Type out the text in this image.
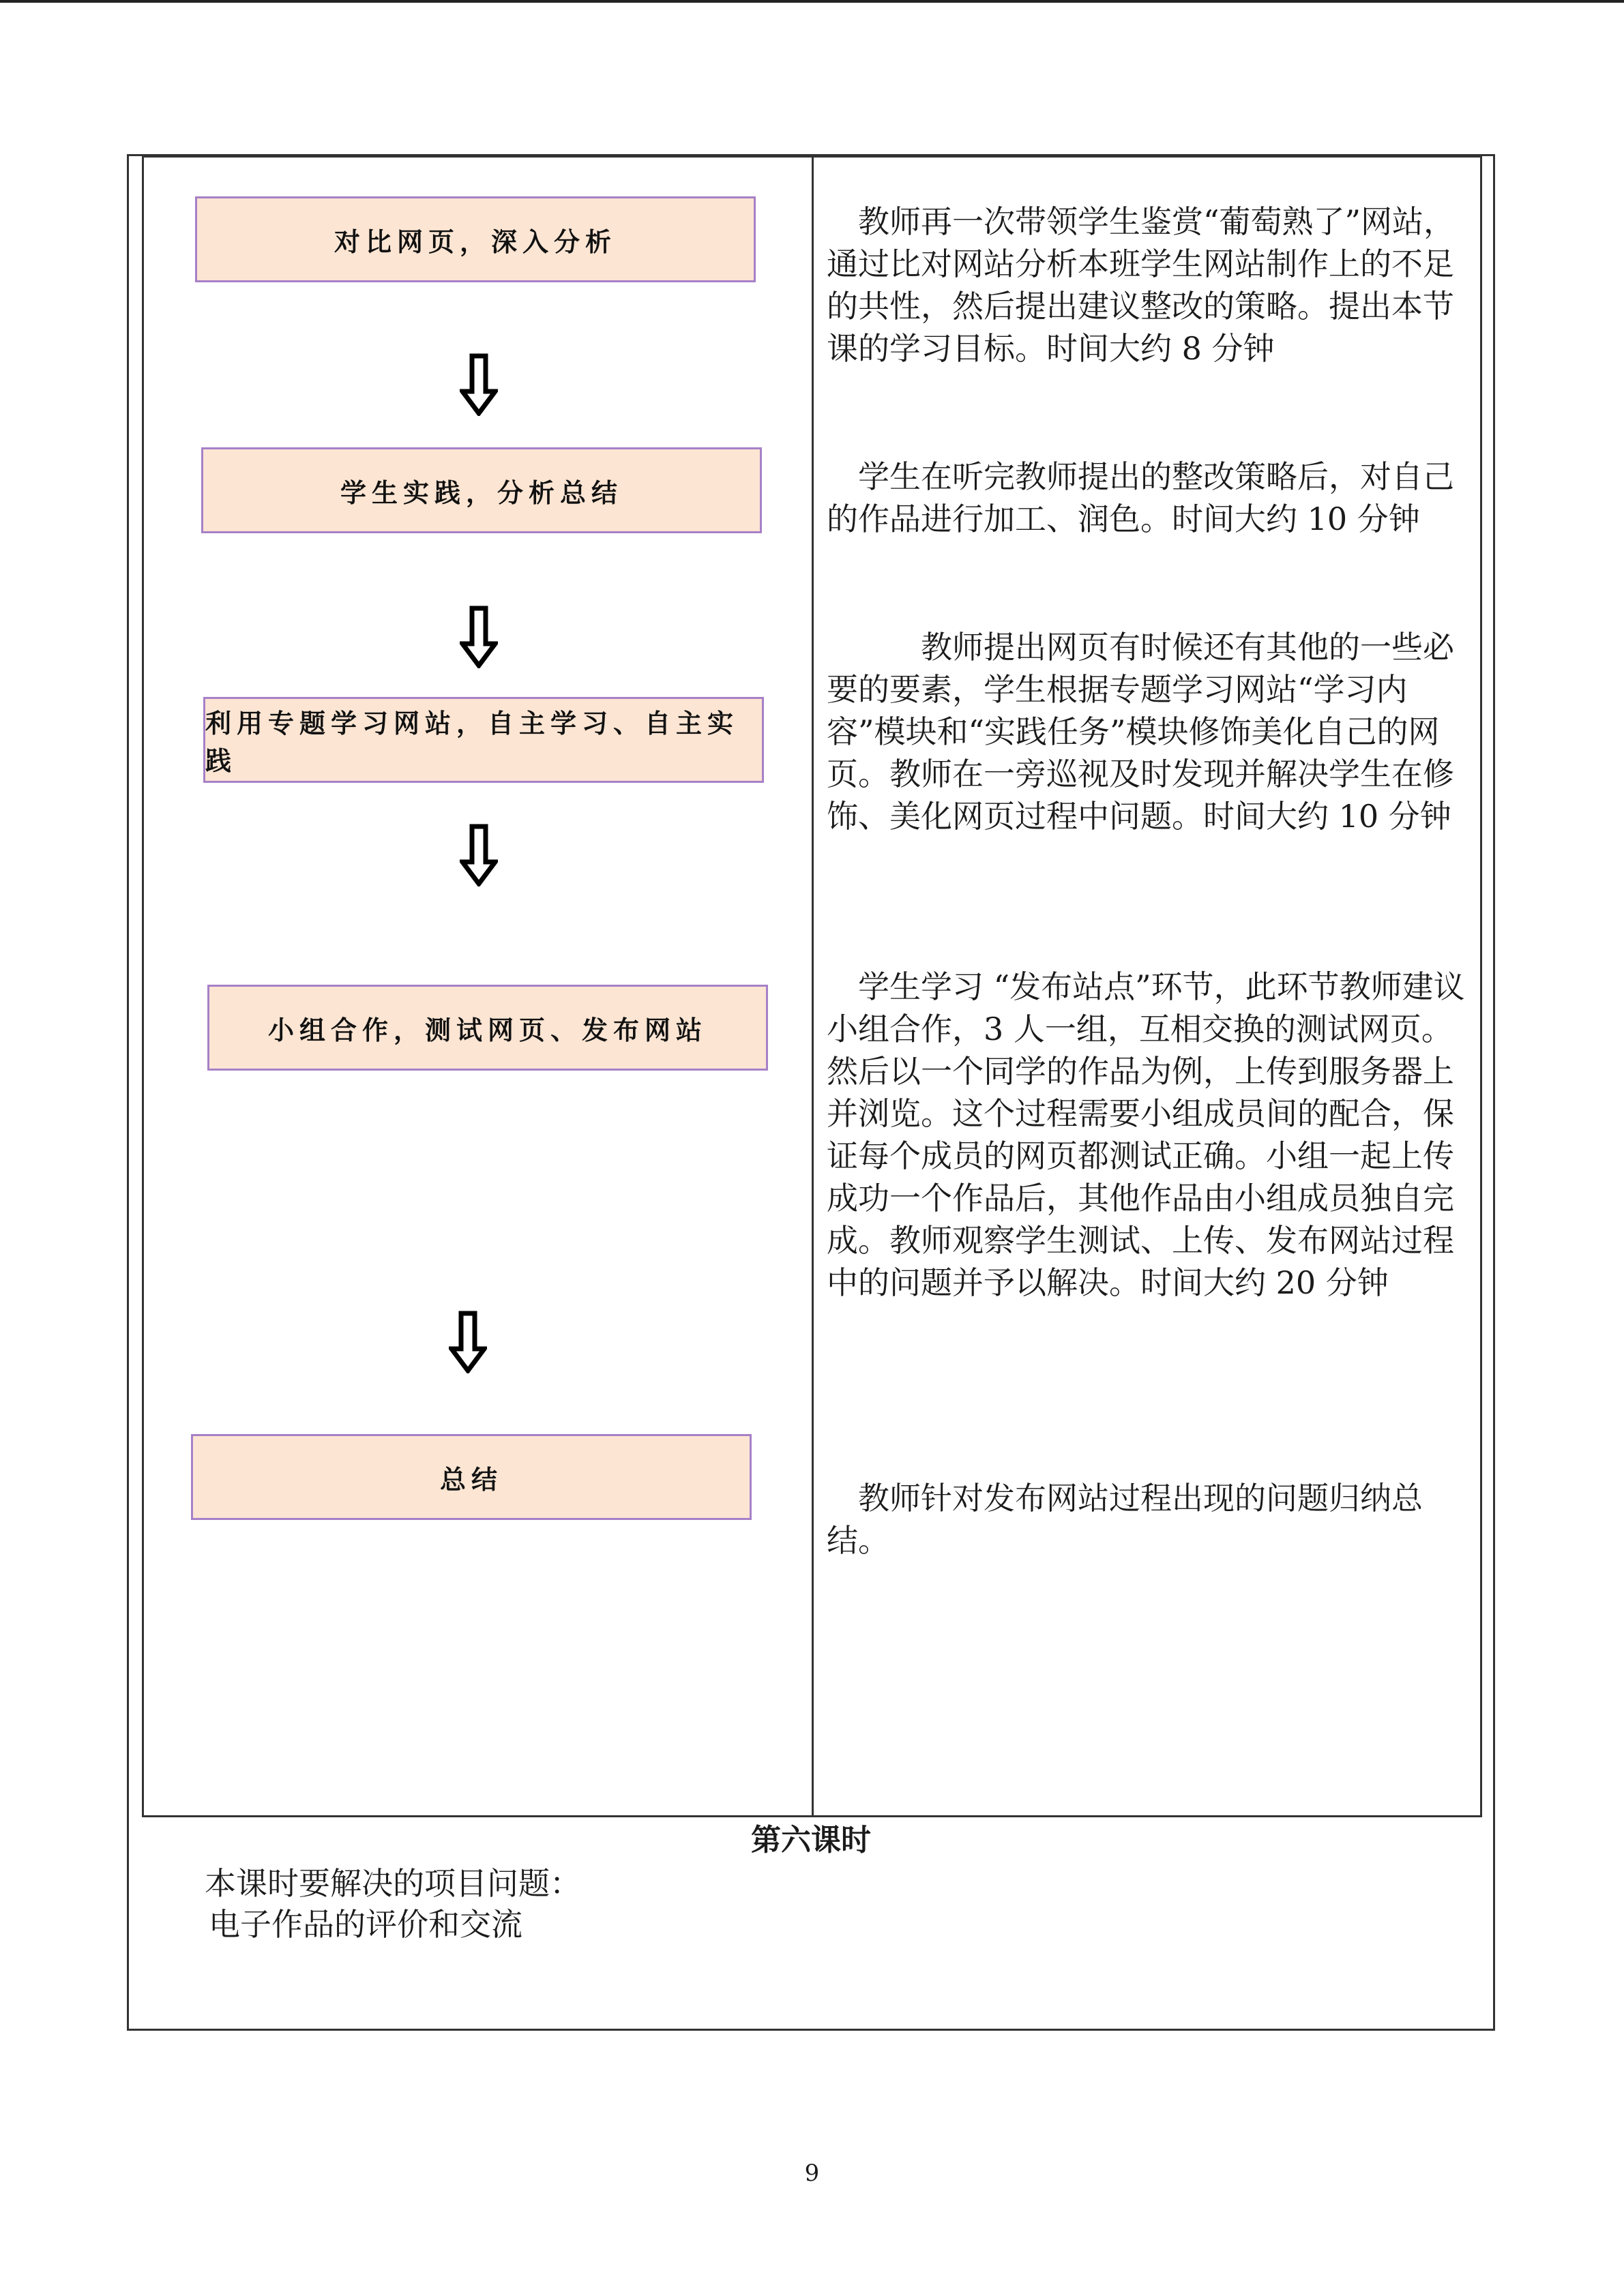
对比网页，深入分析
学生实践，分析总结
利用专题学习网站，自主学习、自主实践
小组合作，测试网页、发布网站
总结

　教师再一次带领学生鉴赏“葡萄熟了”网站，通过比对网站分析本班学生网站制作上的不足的共性，然后提出建议整改的策略。提出本节课的学习目标。时间大约 8 分钟

　学生在听完教师提出的整改策略后，对自己的作品进行加工、润色。时间大约 10 分钟

　　　教师提出网页有时候还有其他的一些必要的要素，学生根据专题学习网站“学习内容”模块和“实践任务”模块修饰美化自己的网页。教师在一旁巡视及时发现并解决学生在修饰、美化网页过程中问题。时间大约 10 分钟

　学生学习 “发布站点”环节，此环节教师建议小组合作，3 人一组，互相交换的测试网页。然后以一个同学的作品为例，上传到服务器上并浏览。这个过程需要小组成员间的配合，保证每个成员的网页都测试正确。小组一起上传成功一个作品后，其他作品由小组成员独自完成。教师观察学生测试、上传、发布网站过程中的问题并予以解决。时间大约 20 分钟

　教师针对发布网站过程出现的问题归纳总结。

第六课时
本课时要解决的项目问题：
电子作品的评价和交流
9
